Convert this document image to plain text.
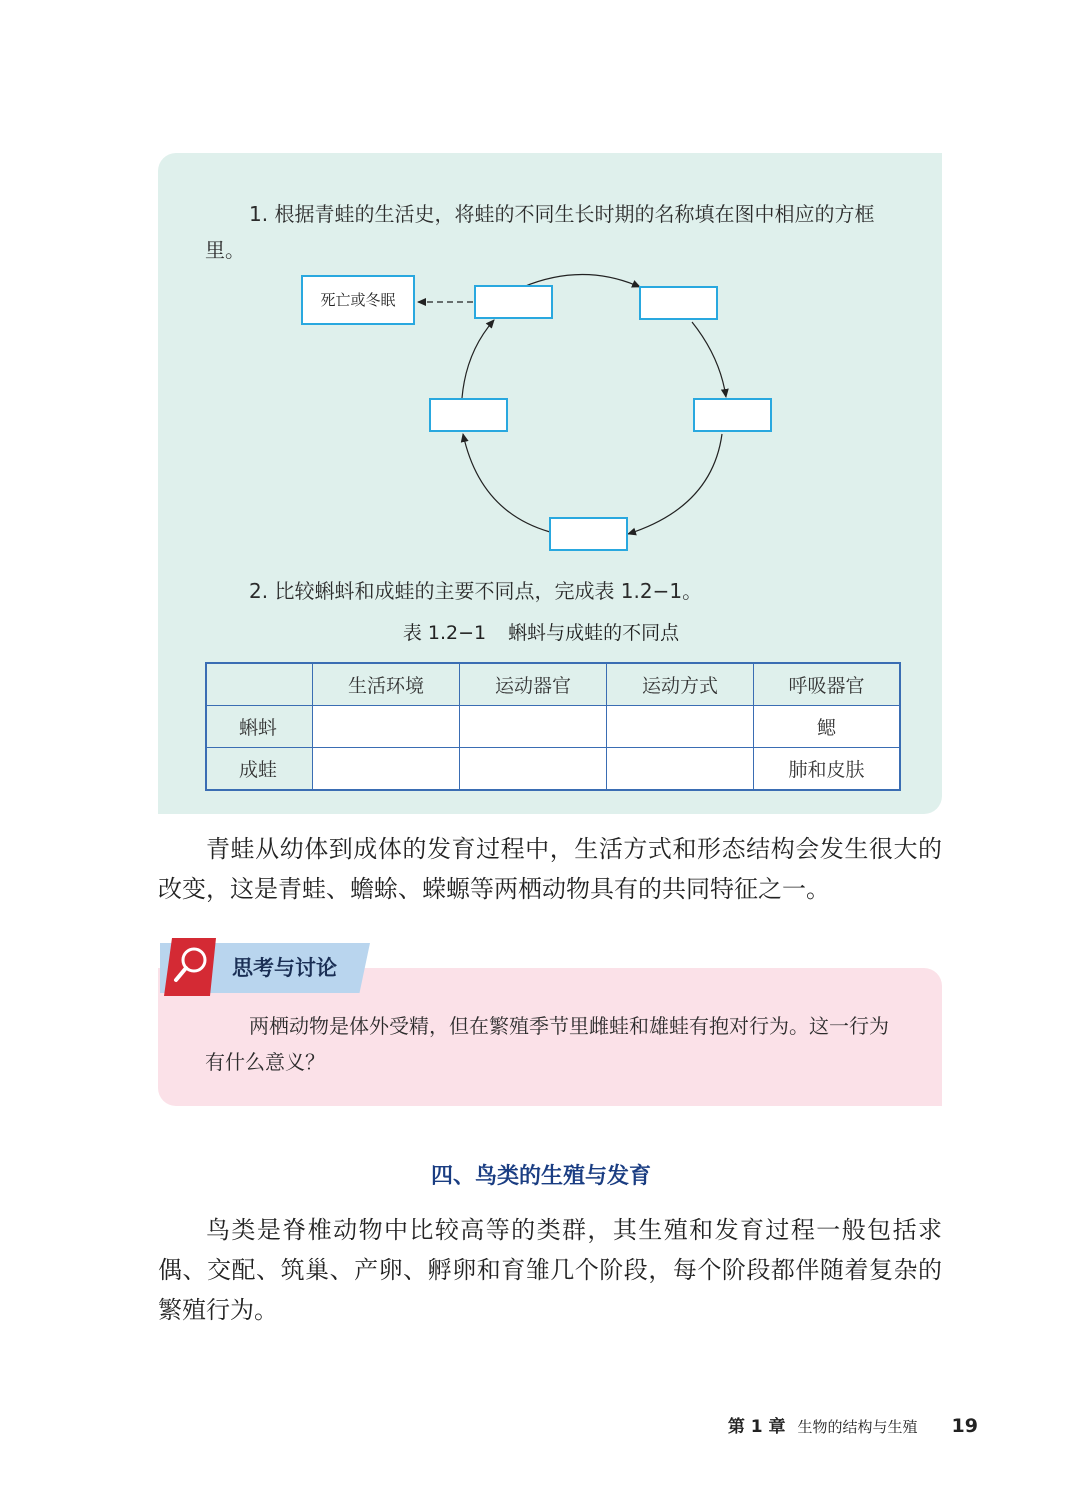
1. 根据青蛙的生活史，将蛙的不同生长时期的名称填在图中相应的方框里。

死亡或冬眠

2. 比较蝌蚪和成蛙的主要不同点，完成表 1.2−1。

表 1.2−1 蝌蚪与成蛙的不同点
	生活环境	运动器官	运动方式	呼吸器官
蝌蚪				鳃
成蛙				肺和皮肤

青蛙从幼体到成体的发育过程中，生活方式和形态结构会发生很大的改变，这是青蛙、蟾蜍、蝾螈等两栖动物具有的共同特征之一。

思考与讨论

两栖动物是体外受精，但在繁殖季节里雌蛙和雄蛙有抱对行为。这一行为有什么意义？

四、鸟类的生殖与发育

鸟类是脊椎动物中比较高等的类群，其生殖和发育过程一般包括求偶、交配、筑巢、产卵、孵卵和育雏几个阶段，每个阶段都伴随着复杂的繁殖行为。

第 1 章 生物的结构与生殖 19
